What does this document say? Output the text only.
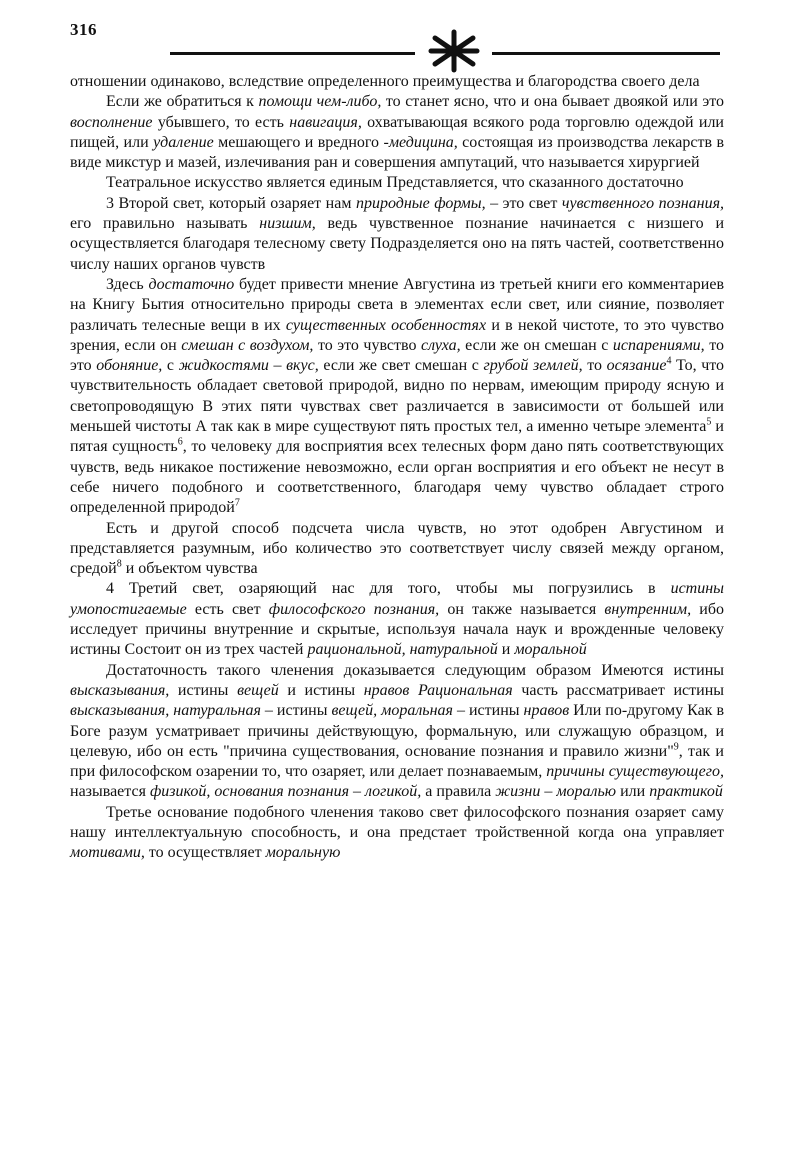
316

отношении одинаково, вследствие определенного преимущества и благородства своего дела

Если же обратиться к помощи чем-либо, то станет ясно, что и она бывает двоякой или это восполнение убывшего, то есть навигация, охватывающая всякого рода торговлю одеждой или пищей, или удаление мешающего и вредного -медицина, состоящая из производства лекарств в виде микстур и мазей, излечивания ран и совершения ампутаций, что называется хирургией

Театральное искусство является единым Представляется, что сказанного достаточно

3 Второй свет, который озаряет нам природные формы, – это свет чувственного познания, его правильно называть низшим, ведь чувственное познание начинается с низшего и осуществляется благодаря телесному свету Подразделяется оно на пять частей, соответственно числу наших органов чувств

Здесь достаточно будет привести мнение Августина из третьей книги его комментариев на Книгу Бытия относительно природы света в элементах если свет, или сияние, позволяет различать телесные вещи в их существенных особенностях и в некой чистоте, то это чувство зрения, если он смешан с воздухом, то это чувство слуха, если же он смешан с испарениями, то это обоняние, с жидкостями – вкус, если же свет смешан с грубой землей, то осязание$^4$ То, что чувствительность обладает световой природой, видно по нервам, имеющим природу ясную и светопроводящую В этих пяти чувствах свет различается в зависимости от большей или меньшей чистоты А так как в мире существуют пять простых тел, а именно четыре элемента$^5$ и пятая сущность$^6$, то человеку для восприятия всех телесных форм дано пять соответствующих чувств, ведь никакое постижение невозможно, если орган восприятия и его объект не несут в себе ничего подобного и соответственного, благодаря чему чувство обладает строго определенной природой$^7$

Есть и другой способ подсчета числа чувств, но этот одобрен Августином и представляется разумным, ибо количество это соответствует числу связей между органом, средой$^8$ и объектом чувства

4 Третий свет, озаряющий нас для того, чтобы мы погрузились в истины умопостигаемые есть свет философского познания, он также называется внутренним, ибо исследует причины внутренние и скрытые, используя начала наук и врожденные человеку истины Состоит он из трех частей рациональной, натуральной и моральной

Достаточность такого членения доказывается следующим образом Имеются истины высказывания, истины вещей и истины нравов Рациональная часть рассматривает истины высказывания, натуральная – истины вещей, моральная – истины нравов Или по-другому Как в Боге разум усматривает причины действующую, формальную, или служащую образцом, и целевую, ибо он есть "причина существования, основание познания и правило жизни"$^9$, так и при философском озарении то, что озаряет, или делает познаваемым, причины существующего, называется физикой, основания познания – логикой, а правила жизни – моралью или практикой

Третье основание подобного членения таково свет философского познания озаряет саму нашу интеллектуальную способность, и она предстает тройственной когда она управляет мотивами, то осуществляет моральную
